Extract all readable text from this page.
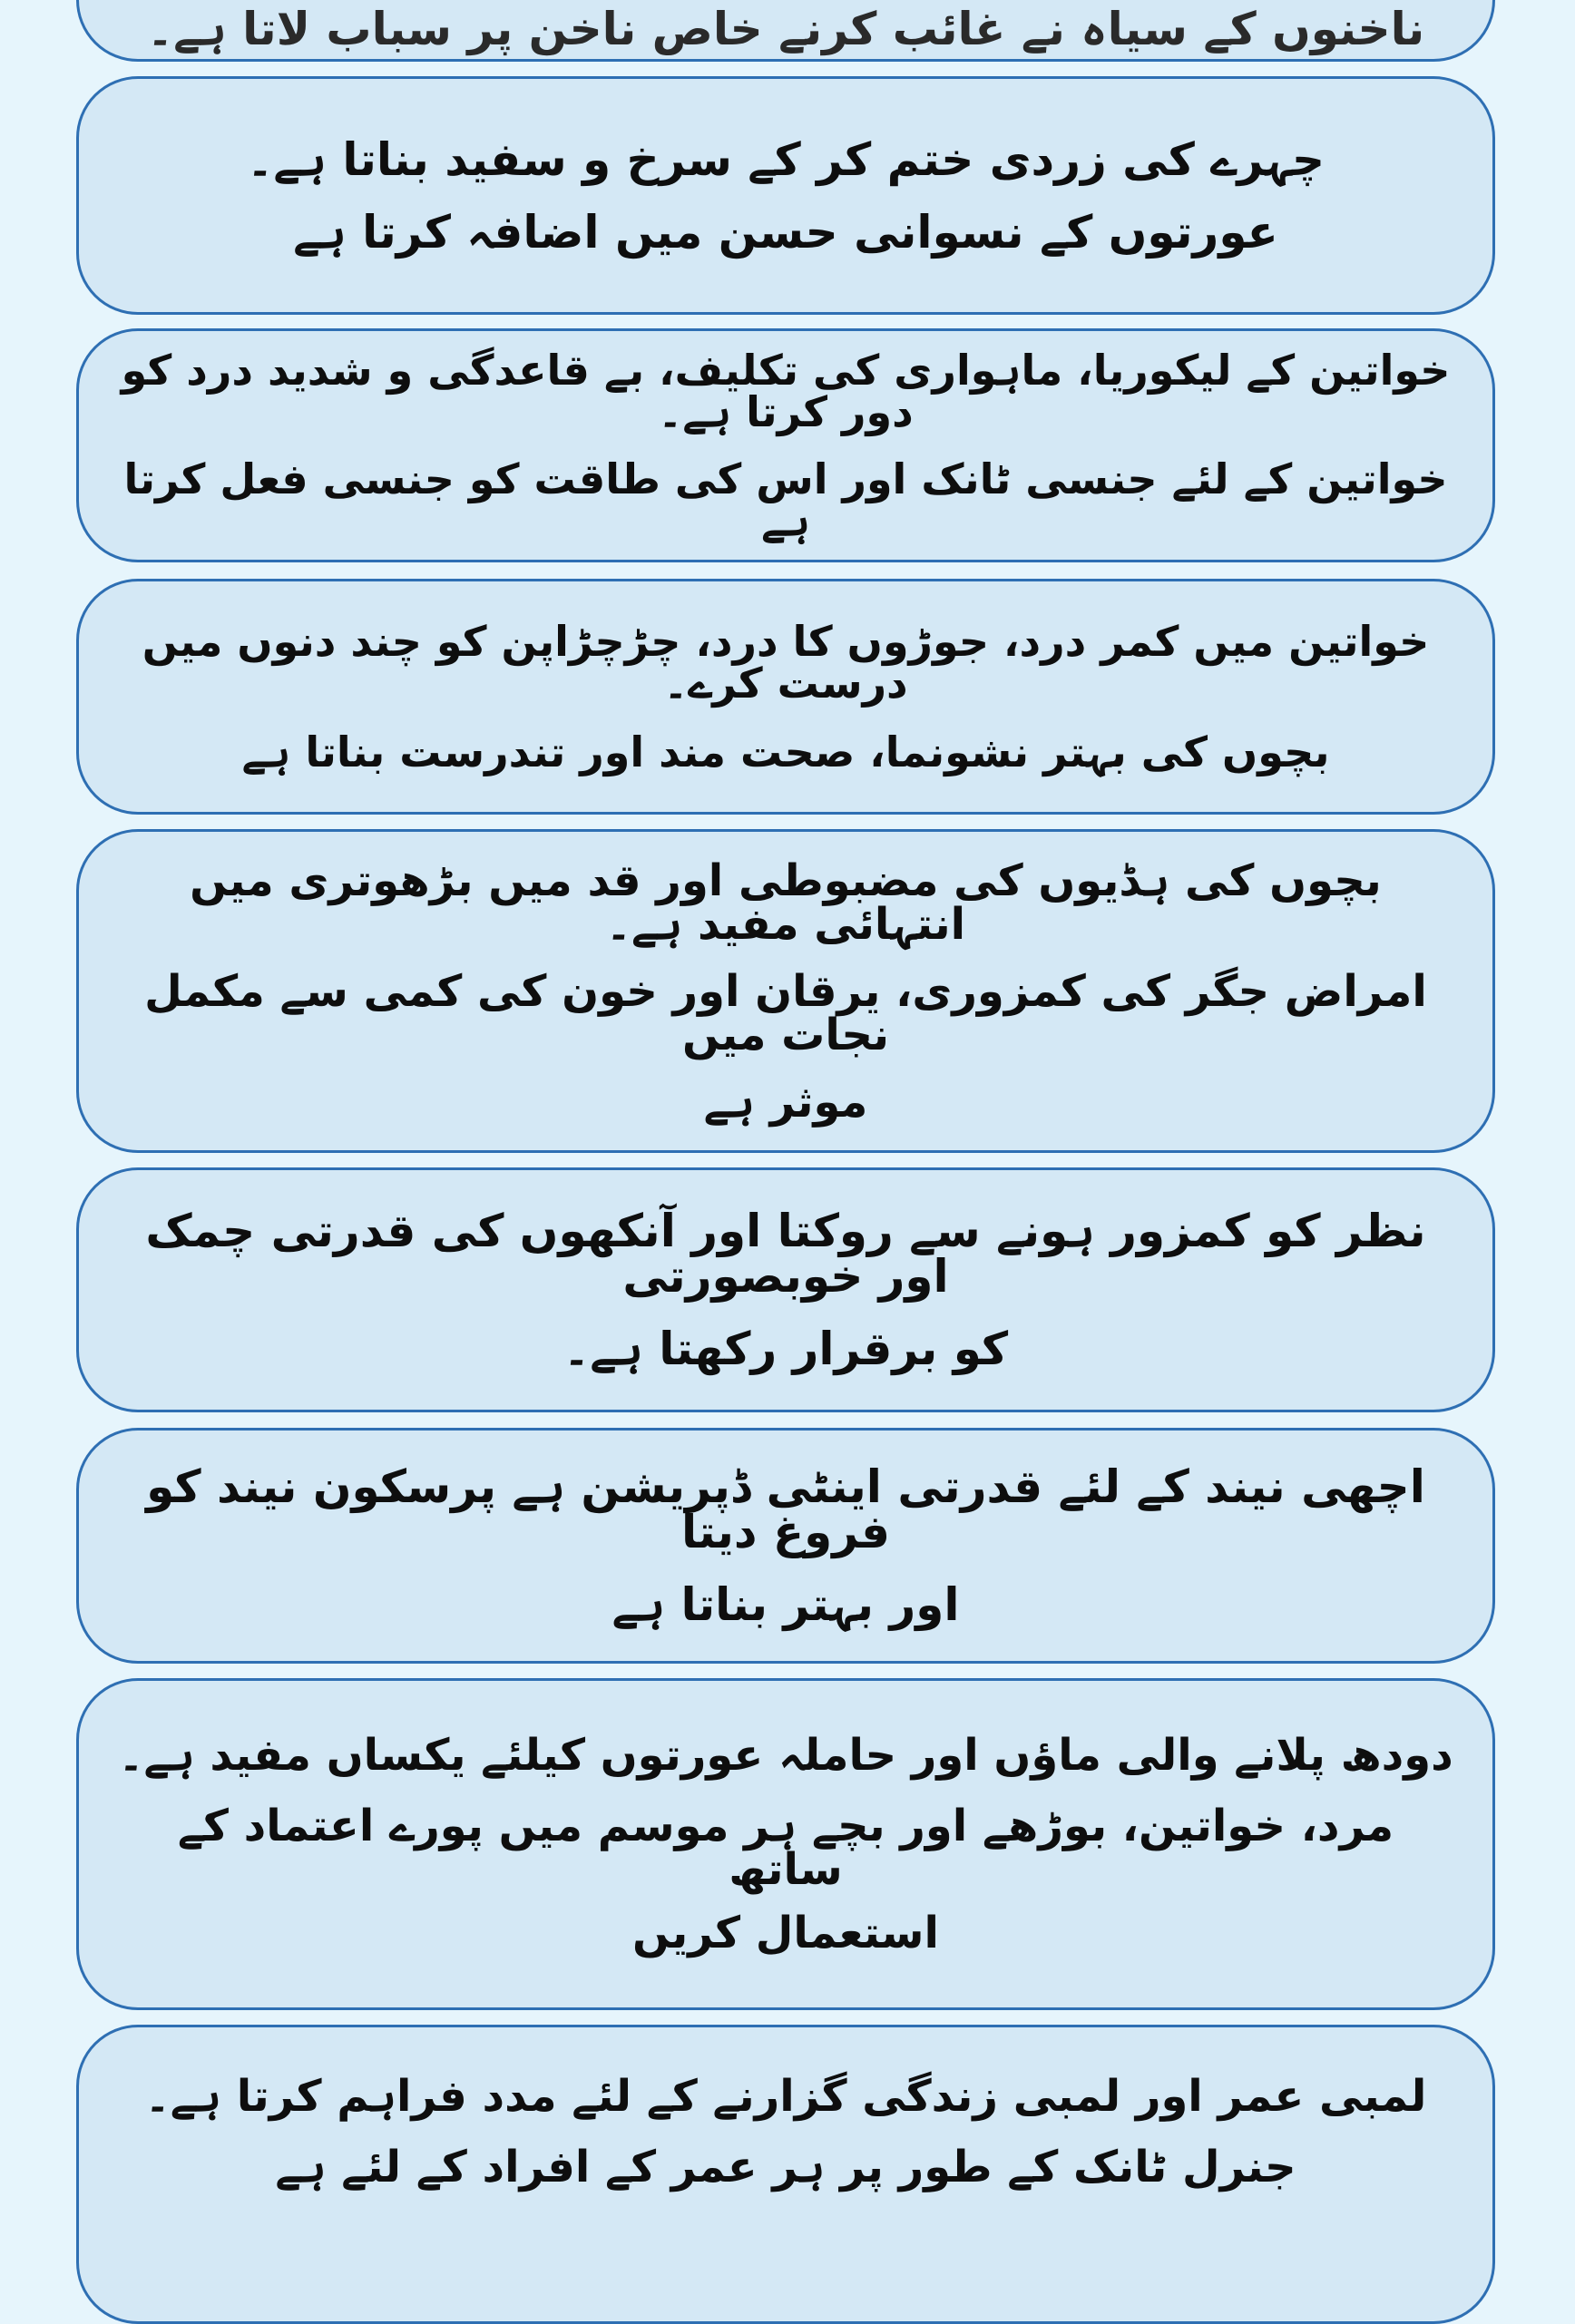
ناخنوں کے سیاہ نے غائب کرنے خاص ناخن پر سباب لاتا ہے۔
چہرے کی زردی ختم کر کے سرخ و سفید بناتا ہے۔
عورتوں کے نسوانی حسن میں اضافہ کرتا ہے
خواتین کے لیکوریا، ماہواری کی تکلیف، بے قاعدگی و شدید درد کو دور کرتا ہے۔
خواتین کے لئے جنسی ٹانک اور اس کی طاقت کو جنسی فعل کرتا ہے
خواتین میں کمر درد، جوڑوں کا درد، چڑچڑاپن کو چند دنوں میں درست کرے۔
بچوں کی بہتر نشونما، صحت مند اور تندرست بناتا ہے
بچوں کی ہڈیوں کی مضبوطی اور قد میں بڑھوتری میں انتہائی مفید ہے۔
امراض جگر کی کمزوری، یرقان اور خون کی کمی سے مکمل نجات میں
موثر ہے
نظر کو کمزور ہونے سے روکتا اور آنکھوں کی قدرتی چمک اور خوبصورتی
کو برقرار رکھتا ہے۔
اچھی نیند کے لئے قدرتی اینٹی ڈپریشن ہے پرسکون نیند کو فروغ دیتا
اور بہتر بناتا ہے
دودھ پلانے والی ماؤں اور حاملہ عورتوں کیلئے یکساں مفید ہے۔
مرد، خواتین، بوڑھے اور بچے ہر موسم میں پورے اعتماد کے ساتھ
استعمال کریں
لمبی عمر اور لمبی زندگی گزارنے کے لئے مدد فراہم کرتا ہے۔
جنرل ٹانک کے طور پر ہر عمر کے افراد کے لئے ہے
